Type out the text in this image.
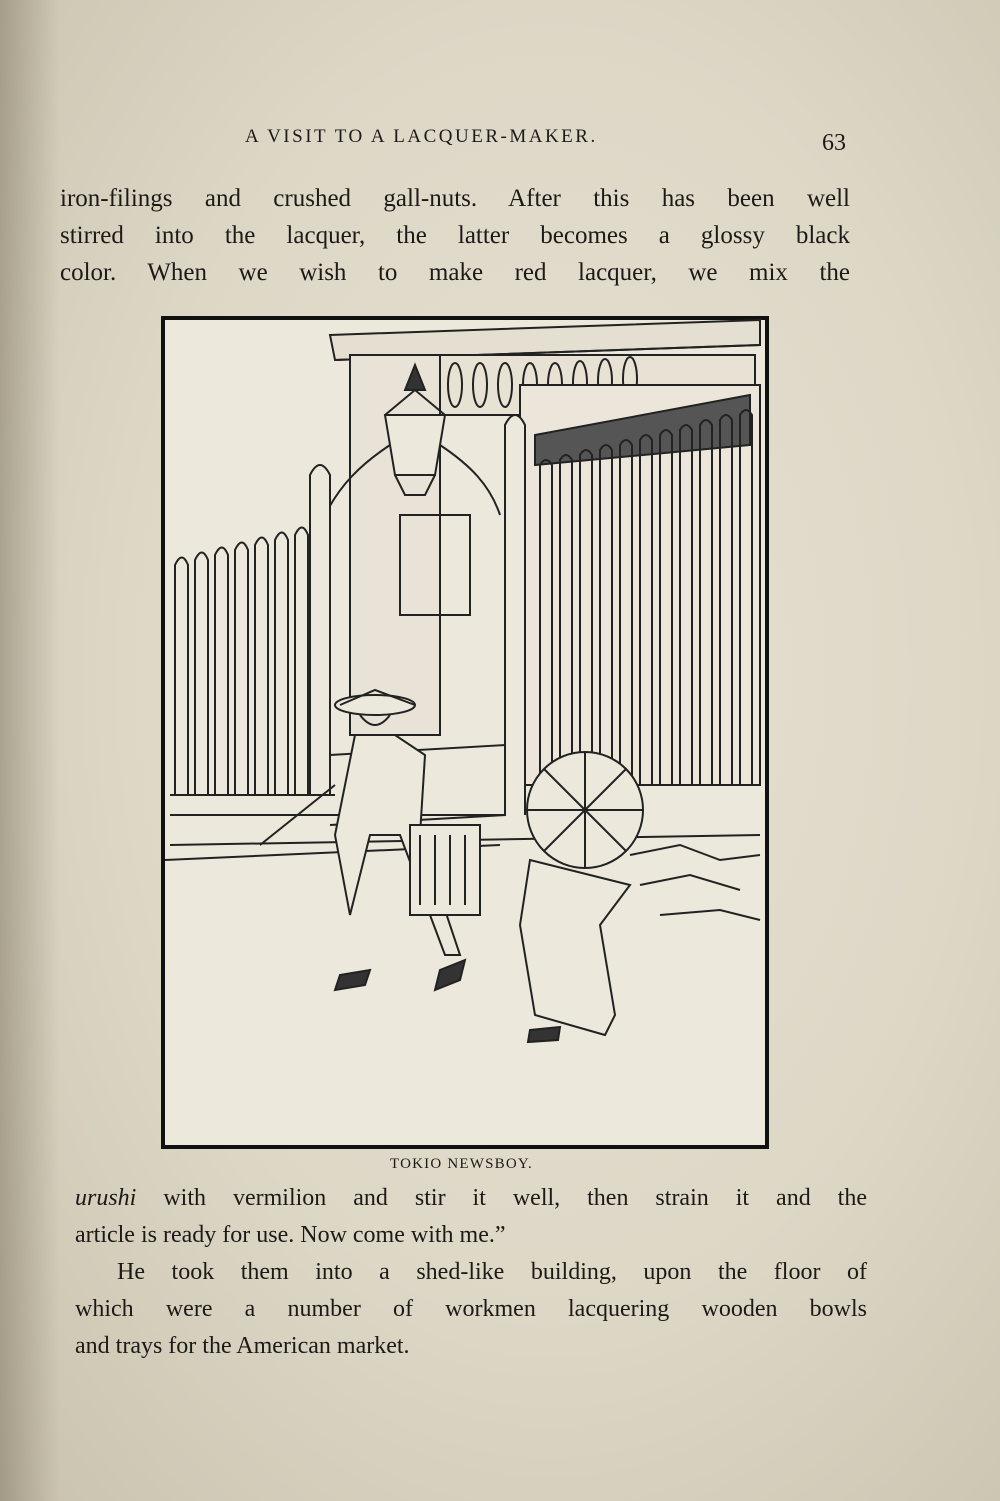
A VISIT TO A LACQUER-MAKER.	63
iron-filings and crushed gall-nuts. After this has been well
stirred into the lacquer, the latter becomes a glossy black
color. When we wish to make red lacquer, we mix the
TOKIO NEWSBOY.
urushi with vermilion and stir it well, then strain it and the
article is ready for use. Now come with me.”
He took them into a shed-like building, upon the floor of
which were a number of workmen lacquering wooden bowls
and trays for the American market.
